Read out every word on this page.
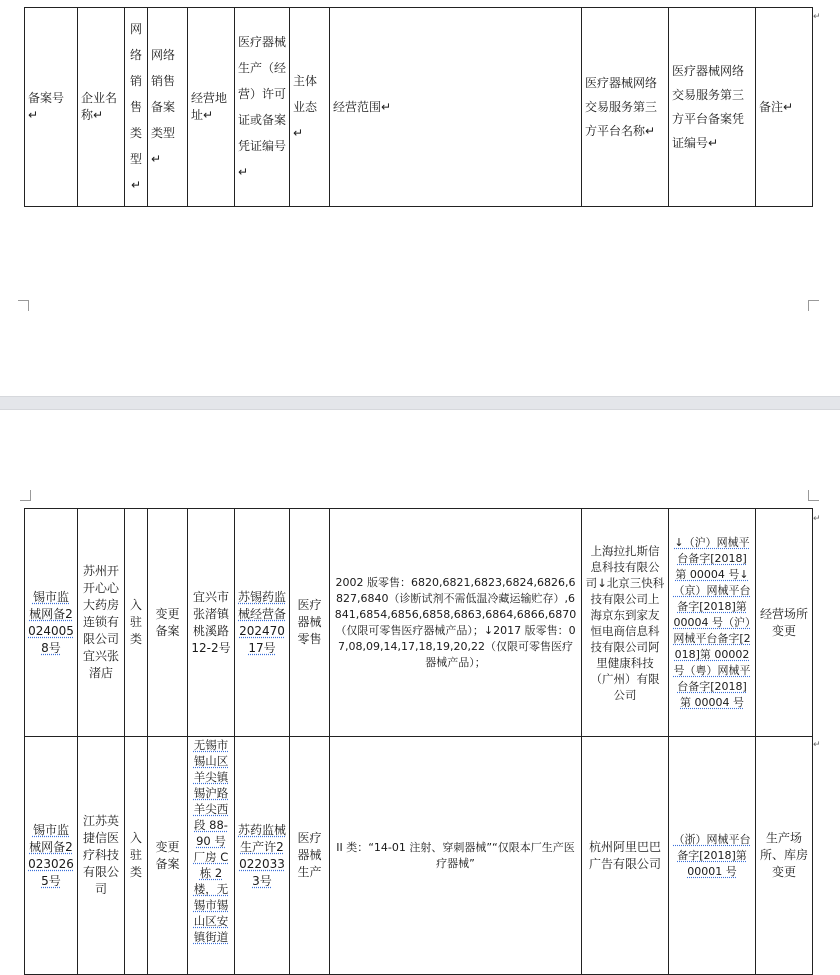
↵
备案号↵	企业名称↵	网络销售类型↵	网络销售备案类型↵	经营地址↵	医疗器械生产（经营）许可证或备案凭证编号↵	主体业态↵	经营范围↵	医疗器械网络交易服务第三方平台名称↵	医疗器械网络交易服务第三方平台备案凭证编号↵	备注↵
↵
↵
锡市监械网备20240058号	苏州开开心心大药房连锁有限公司宜兴张渚店	入驻类	变更备案	宜兴市张渚镇桃溪路12-2号	苏锡药监械经营备20247017号	医疗器械零售	2002 版零售：6820,6821,6823,6824,6826,6827,6840（诊断试剂不需低温冷藏运输贮存）,6841,6854,6856,6858,6863,6864,6866,6870（仅限可零售医疗器械产品）；↓2017 版零售：07,08,09,14,17,18,19,20,22（仅限可零售医疗器械产品）；	上海拉扎斯信息科技有限公司↓北京三快科技有限公司上海京东到家友恒电商信息科技有限公司阿里健康科技（广州）有限公司	↓（沪）网械平台备字[2018]第 00004 号↓（京）网械平台备字[2018]第 00004 号（沪）网械平台备字[2018]第 00002 号（粤）网械平台备字[2018]第 00004 号	经营场所变更
锡市监械网备20230265号	江苏英捷信医疗科技有限公司	入驻类	变更备案	无锡市锡山区羊尖镇锡沪路羊尖西段 88-90 号厂房 C 栋 2 楼，无锡市锡山区安镇街道	苏药监械生产许20220333号	医疗器械生产	II 类：“14-01 注射、穿刺器械”“仅限本厂生产医疗器械”	杭州阿里巴巴广告有限公司	（浙）网械平台备字[2018]第 00001 号	生产场所、库房变更
